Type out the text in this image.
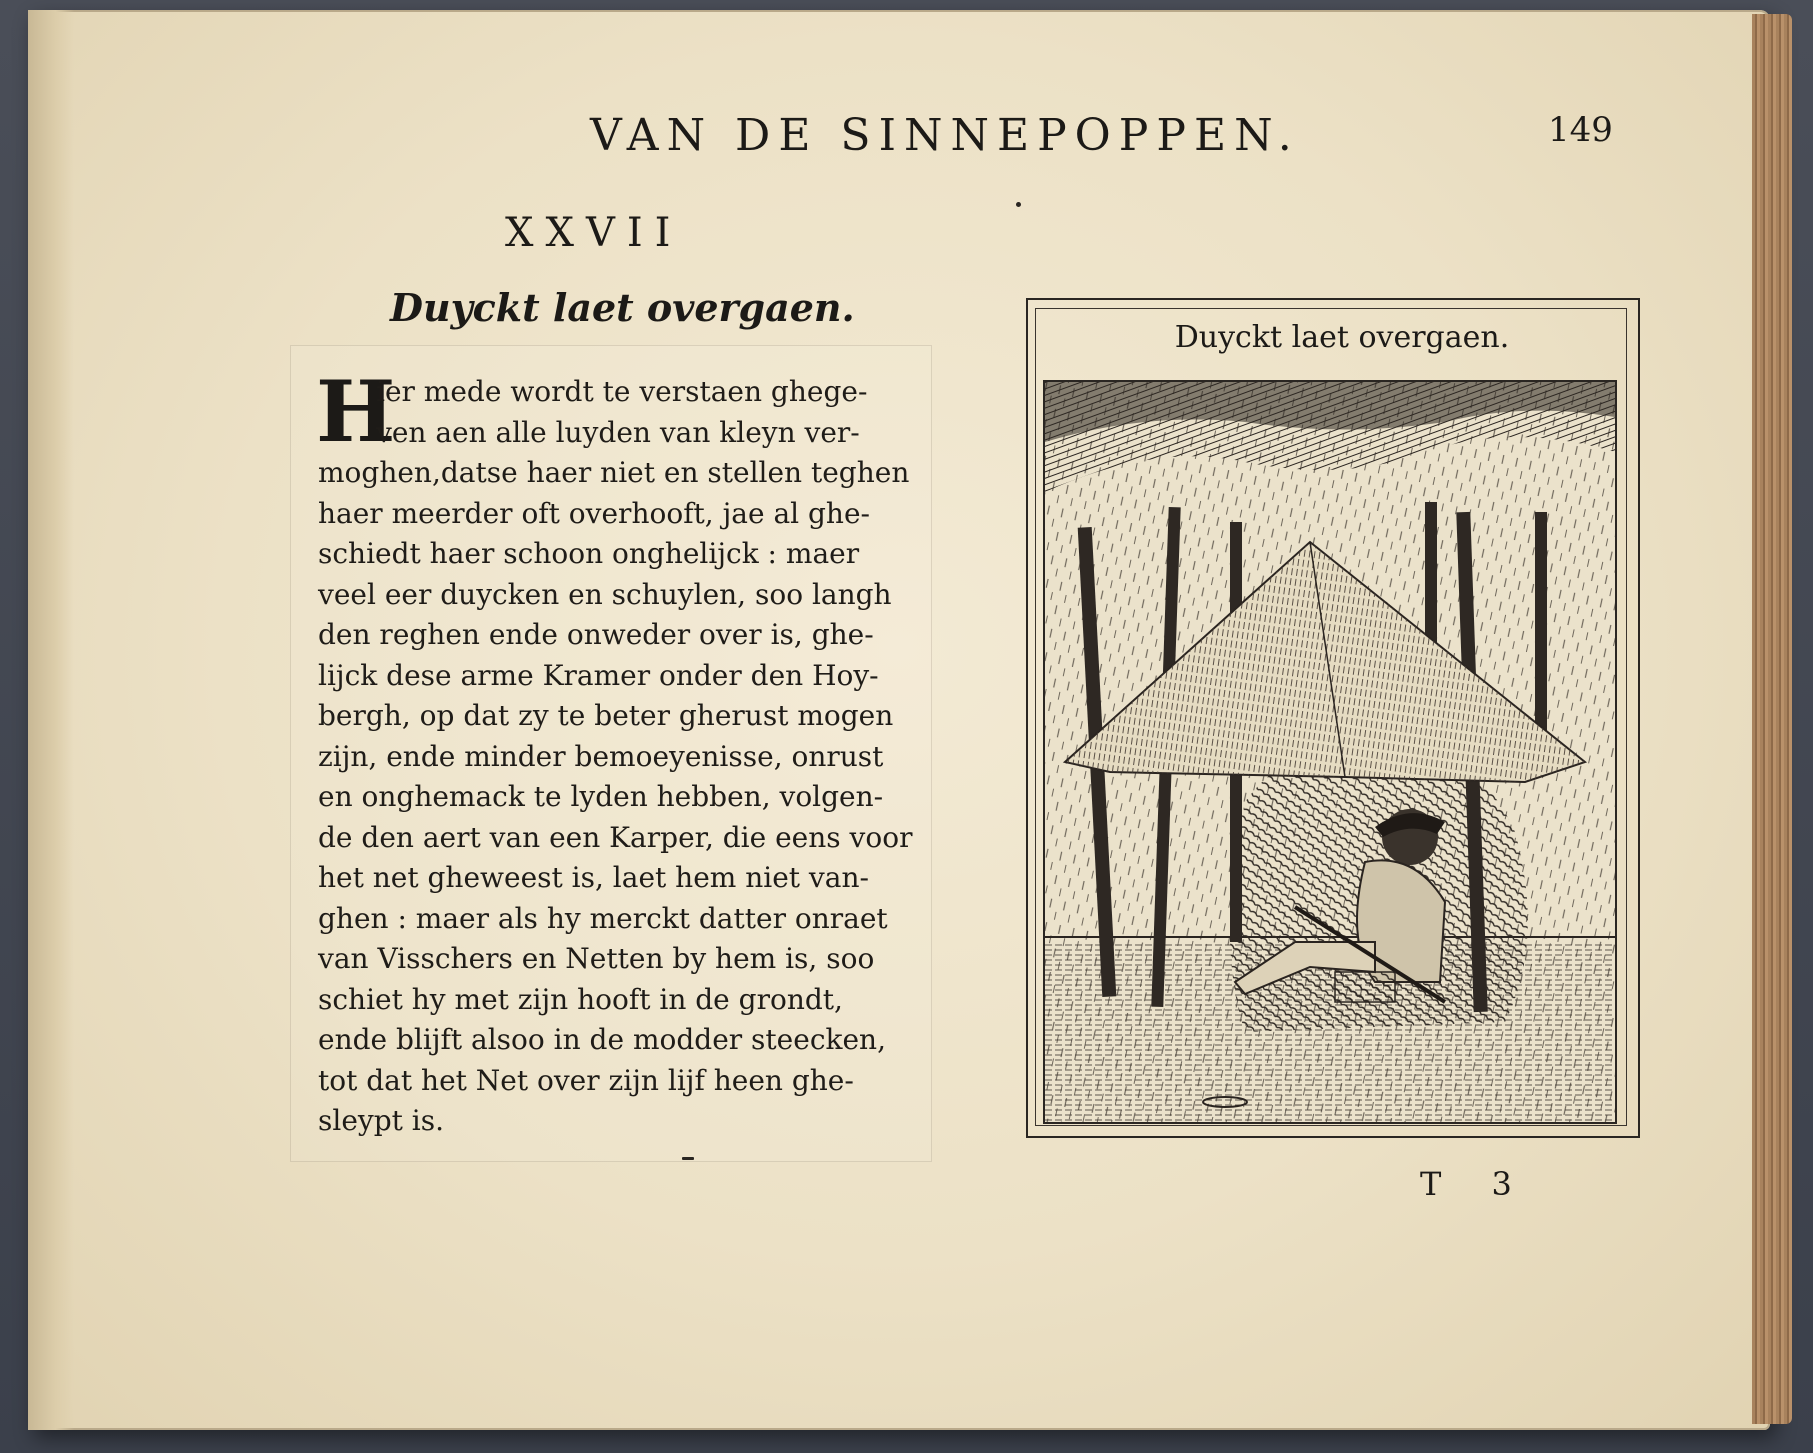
VAN DE SINNEPOPPEN.	149
XXVII
Duyckt laet overgaen.
H
ier mede wordt te verstaen ghege-
ven aen alle luyden van kleyn ver-
moghen,datse haer niet en stellen teghen
haer meerder oft overhooft, jae al ghe-
schiedt haer schoon onghelijck : maer
veel eer duycken en schuylen, soo langh
den reghen ende onweder over is, ghe-
lijck dese arme Kramer onder den Hoy-
bergh, op dat zy te beter gherust mogen
zijn, ende minder bemoeyenisse, onrust
en onghemack te lyden hebben, volgen-
de den aert van een Karper, die eens voor
het net gheweest is, laet hem niet van-
ghen : maer als hy merckt datter onraet
van Visschers en Netten by hem is, soo
schiet hy met zijn hooft in de grondt,
ende blijft alsoo in de modder steecken,
tot dat het Net over zijn lijf heen ghe-
sleypt is.
Duyckt laet overgaen.
T 3
